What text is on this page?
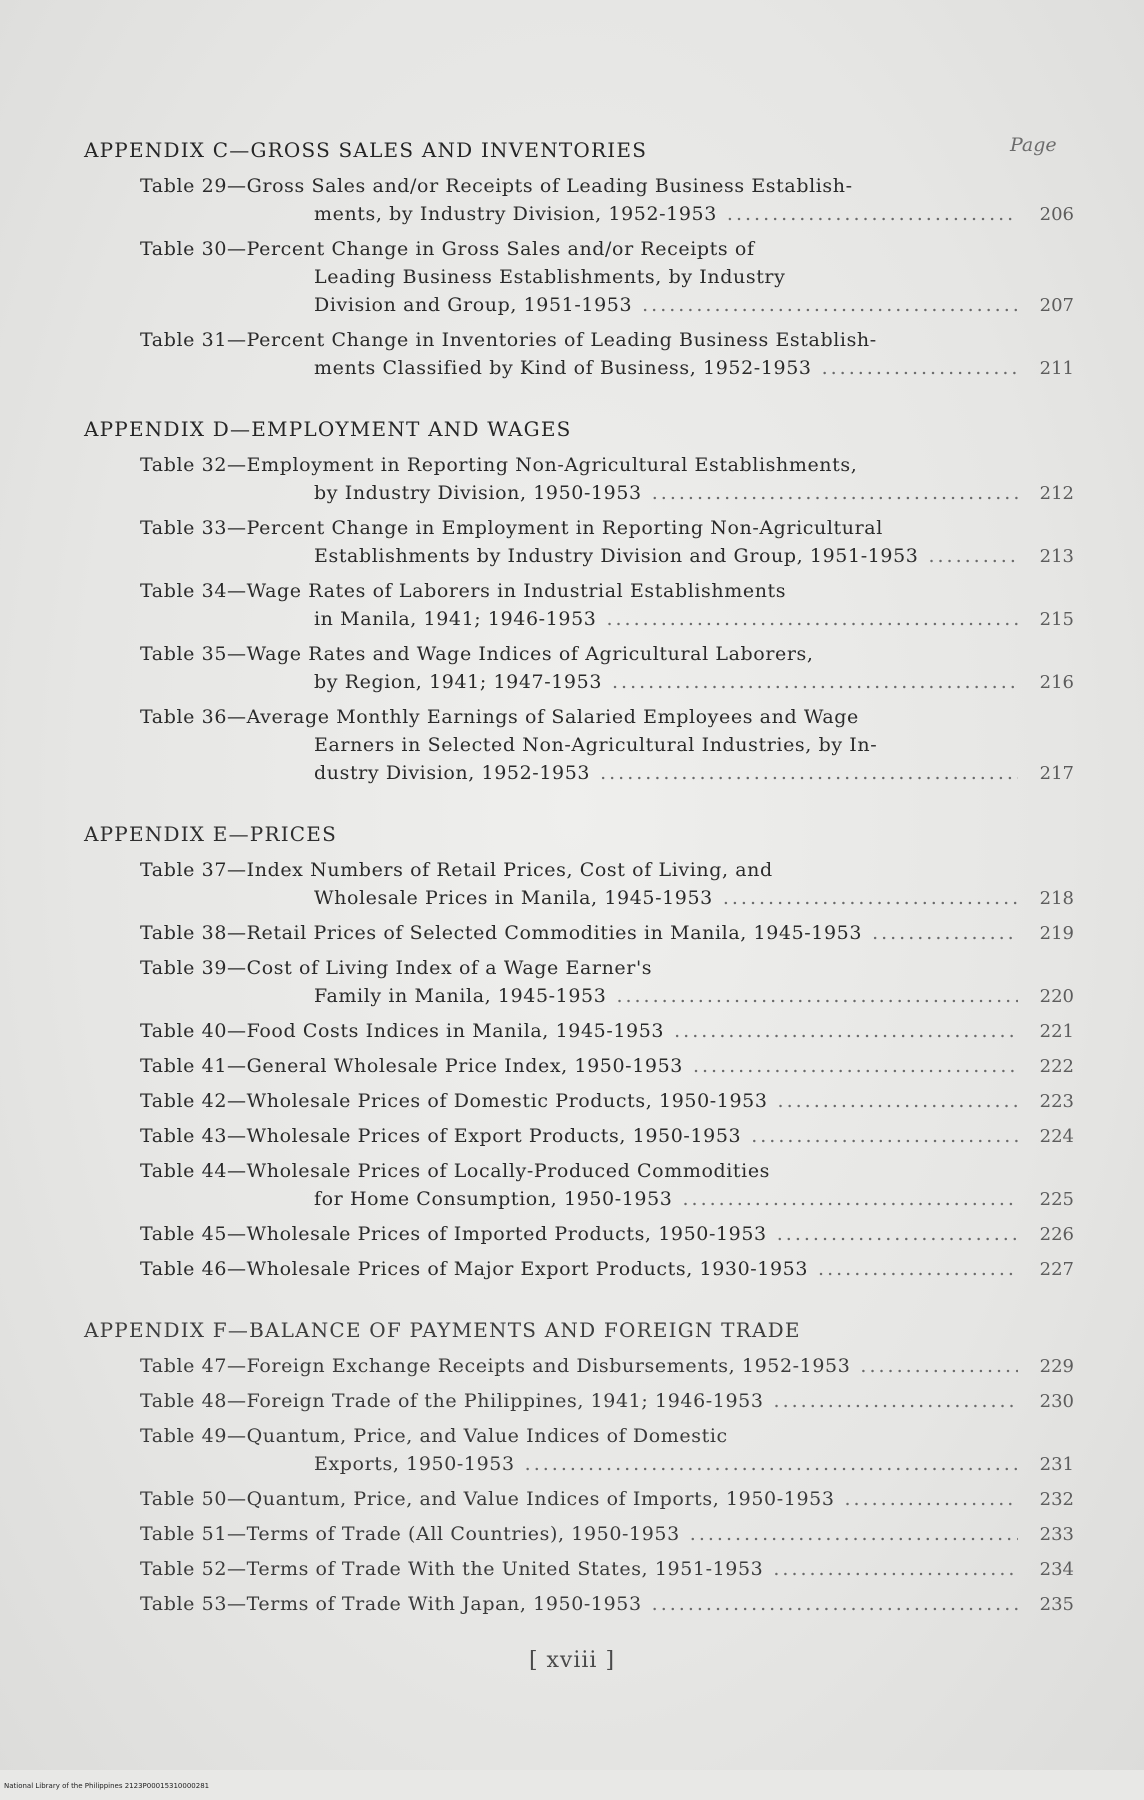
Page
APPENDIX C—GROSS SALES AND INVENTORIES
Table 29—Gross Sales and/or Receipts of Leading Business Establish-
ments, by Industry Division, 1952-1953 .....	206
Table 30—Percent Change in Gross Sales and/or Receipts of
Leading Business Establishments, by Industry
Division and Group, 1951-1953 .....	207
Table 31—Percent Change in Inventories of Leading Business Establish-
ments Classified by Kind of Business, 1952-1953 .....	211
APPENDIX D—EMPLOYMENT AND WAGES
Table 32—Employment in Reporting Non-Agricultural Establishments,
by Industry Division, 1950-1953 .....	212
Table 33—Percent Change in Employment in Reporting Non-Agricultural
Establishments by Industry Division and Group, 1951-1953 .....	213
Table 34—Wage Rates of Laborers in Industrial Establishments
in Manila, 1941; 1946-1953 .....	215
Table 35—Wage Rates and Wage Indices of Agricultural Laborers,
by Region, 1941; 1947-1953 .....	216
Table 36—Average Monthly Earnings of Salaried Employees and Wage
Earners in Selected Non-Agricultural Industries, by In-
dustry Division, 1952-1953 .....	217
APPENDIX E—PRICES
Table 37—Index Numbers of Retail Prices, Cost of Living, and
Wholesale Prices in Manila, 1945-1953 .....	218
Table 38—Retail Prices of Selected Commodities in Manila, 1945-1953 .....	219
Table 39—Cost of Living Index of a Wage Earner's
Family in Manila, 1945-1953 .....	220
Table 40—Food Costs Indices in Manila, 1945-1953 .....	221
Table 41—General Wholesale Price Index, 1950-1953 .....	222
Table 42—Wholesale Prices of Domestic Products, 1950-1953 .....	223
Table 43—Wholesale Prices of Export Products, 1950-1953 .....	224
Table 44—Wholesale Prices of Locally-Produced Commodities
for Home Consumption, 1950-1953 .....	225
Table 45—Wholesale Prices of Imported Products, 1950-1953 .....	226
Table 46—Wholesale Prices of Major Export Products, 1930-1953 .....	227
APPENDIX F—BALANCE OF PAYMENTS AND FOREIGN TRADE
Table 47—Foreign Exchange Receipts and Disbursements, 1952-1953 .....	229
Table 48—Foreign Trade of the Philippines, 1941; 1946-1953 .....	230
Table 49—Quantum, Price, and Value Indices of Domestic
Exports, 1950-1953 .....	231
Table 50—Quantum, Price, and Value Indices of Imports, 1950-1953 .....	232
Table 51—Terms of Trade (All Countries), 1950-1953 .....	233
Table 52—Terms of Trade With the United States, 1951-1953 .....	234
Table 53—Terms of Trade With Japan, 1950-1953 .....	235
[ xviii ]
National Library of the Philippines 2123P00015310000281
